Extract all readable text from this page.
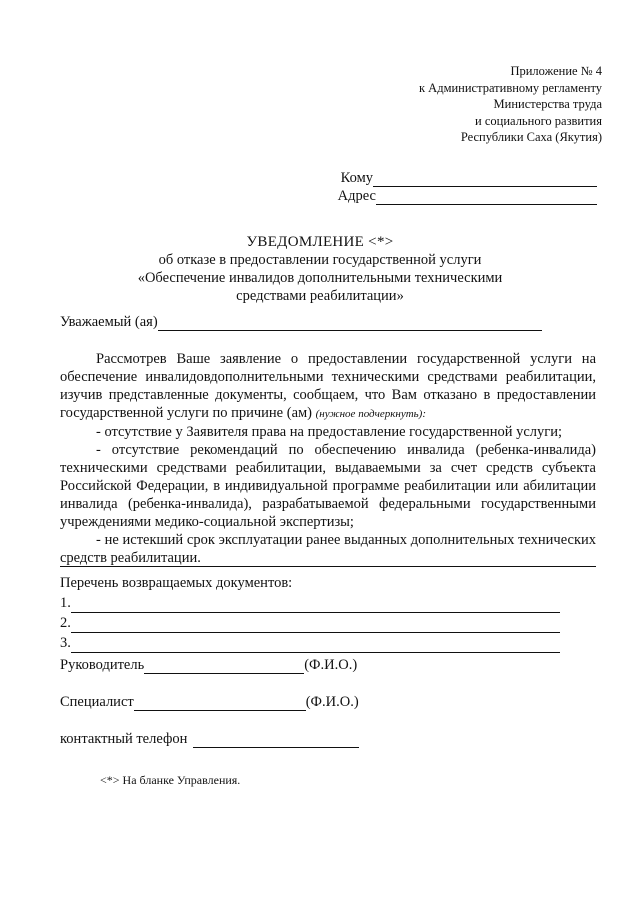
Приложение № 4
к Административному регламенту
Министерства труда
и социального развития
Республики Саха (Якутия)
Кому
Адрес
УВЕДОМЛЕНИЕ <*>
об отказе в предоставлении государственной услуги
«Обеспечение инвалидов дополнительными техническими
средствами реабилитации»
Уважаемый (ая)

Рассмотрев Ваше заявление о предоставлении государственной услуги на обеспечение инвалидовдополнительными техническими средствами реабилитации, изучив представленные документы, сообщаем, что Вам отказано в предоставлении государственной услуги по причине (ам) (нужное подчеркнуть):

- отсутствие у Заявителя права на предоставление государственной услуги;

- отсутствие рекомендаций по обеспечению инвалида (ребенка-инвалида) техническими средствами реабилитации, выдаваемыми за счет средств субъекта Российской Федерации, в индивидуальной программе реабилитации или абилитации инвалида (ребенка-инвалида), разрабатываемой федеральными государственными учреждениями медико-социальной экспертизы;

- не истекший срок эксплуатации ранее выданных дополнительных технических средств реабилитации.

Перечень возвращаемых документов:
1.
2.
3.
Руководитель	(Ф.И.О.)
Специалист	(Ф.И.О.)
контактный телефон
<*> На бланке Управления.
